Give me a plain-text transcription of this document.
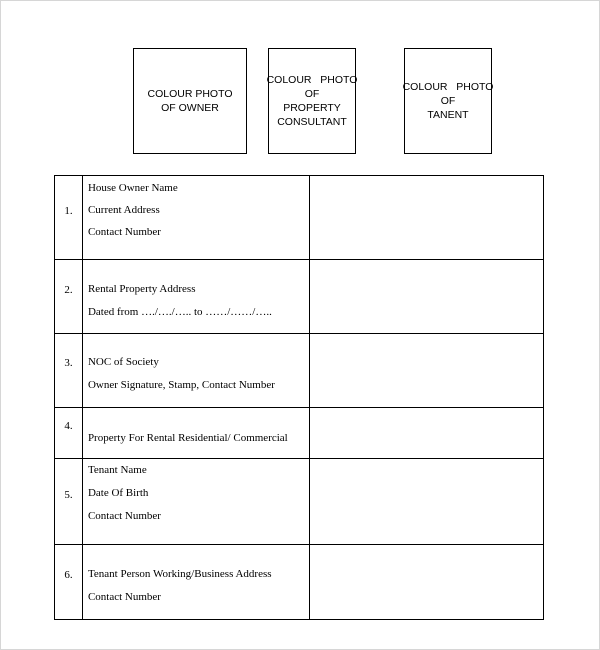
COLOUR PHOTO
OF OWNER
COLOUR   PHOTO
OF
PROPERTY
CONSULTANT
COLOUR   PHOTO
OF
TANENT
1.	House Owner Name
Current Address
Contact Number	

2.	Rental Property Address
Dated from …./…./….. to ……/……/…..	

3.	NOC of Society
Owner Signature, Stamp, Contact Number	

4.	Property For Rental Residential/ Commercial	

5.	Tenant Name
Date Of Birth
Contact Number	

6.	Tenant Person Working/Business Address
Contact Number	
